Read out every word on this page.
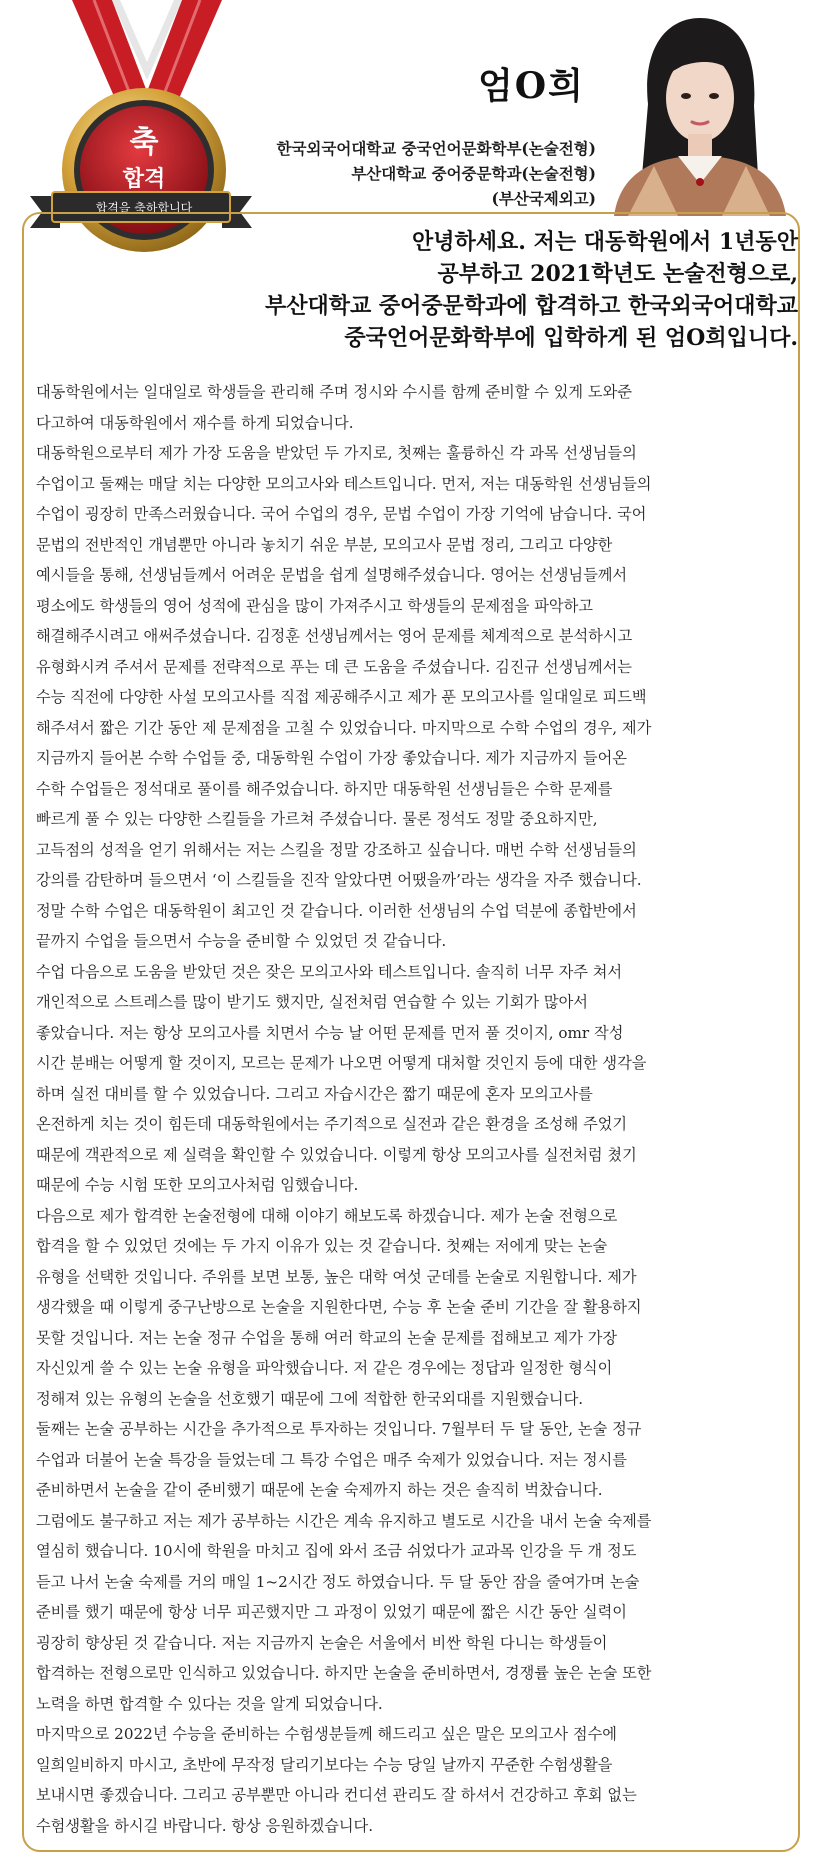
합격을 축하합니다
축
합격
엄O희
한국외국어대학교 중국언어문화학부(논술전형)
부산대학교 중어중문학과(논술전형)
(부산국제외고)
안녕하세요. 저는 대동학원에서 1년동안
공부하고 2021학년도 논술전형으로,
부산대학교 중어중문학과에 합격하고 한국외국어대학교
중국언어문화학부에 입학하게 된 엄O희입니다.
대동학원에서는 일대일로 학생들을 관리해 주며 정시와 수시를 함께 준비할 수 있게 도와준
다고하여 대동학원에서 재수를 하게 되었습니다.
대동학원으로부터 제가 가장 도움을 받았던 두 가지로, 첫째는 훌륭하신 각 과목 선생님들의
수업이고 둘째는 매달 치는 다양한 모의고사와 테스트입니다. 먼저, 저는 대동학원 선생님들의
수업이 굉장히 만족스러웠습니다. 국어 수업의 경우, 문법 수업이 가장 기억에 남습니다. 국어
문법의 전반적인 개념뿐만 아니라 놓치기 쉬운 부분, 모의고사 문법 정리, 그리고 다양한
예시들을 통해, 선생님들께서 어려운 문법을 쉽게 설명해주셨습니다. 영어는 선생님들께서
평소에도 학생들의 영어 성적에 관심을 많이 가져주시고 학생들의 문제점을 파악하고
해결해주시려고 애써주셨습니다. 김정훈 선생님께서는 영어 문제를 체계적으로 분석하시고
유형화시켜 주셔서 문제를 전략적으로 푸는 데 큰 도움을 주셨습니다. 김진규 선생님께서는
수능 직전에 다양한 사설 모의고사를 직접 제공해주시고 제가 푼 모의고사를 일대일로 피드백
해주셔서 짧은 기간 동안 제 문제점을 고칠 수 있었습니다. 마지막으로 수학 수업의 경우, 제가
지금까지 들어본 수학 수업들 중, 대동학원 수업이 가장 좋았습니다. 제가 지금까지 들어온
수학 수업들은 정석대로 풀이를 해주었습니다. 하지만 대동학원 선생님들은 수학 문제를
빠르게 풀 수 있는 다양한 스킬들을 가르쳐 주셨습니다. 물론 정석도 정말 중요하지만,
고득점의 성적을 얻기 위해서는 저는 스킬을 정말 강조하고 싶습니다. 매번 수학 선생님들의
강의를 감탄하며 들으면서 ‘이 스킬들을 진작 알았다면 어땠을까’라는 생각을 자주 했습니다.
정말 수학 수업은 대동학원이 최고인 것 같습니다. 이러한 선생님의 수업 덕분에 종합반에서
끝까지 수업을 들으면서 수능을 준비할 수 있었던 것 같습니다.
수업 다음으로 도움을 받았던 것은 잦은 모의고사와 테스트입니다. 솔직히 너무 자주 쳐서
개인적으로 스트레스를 많이 받기도 했지만, 실전처럼 연습할 수 있는 기회가 많아서
좋았습니다. 저는 항상 모의고사를 치면서 수능 날 어떤 문제를 먼저 풀 것이지, omr 작성
시간 분배는 어떻게 할 것이지, 모르는 문제가 나오면 어떻게 대처할 것인지 등에 대한 생각을
하며 실전 대비를 할 수 있었습니다. 그리고 자습시간은 짧기 때문에 혼자 모의고사를
온전하게 치는 것이 힘든데 대동학원에서는 주기적으로 실전과 같은 환경을 조성해 주었기
때문에 객관적으로 제 실력을 확인할 수 있었습니다. 이렇게 항상 모의고사를 실전처럼 쳤기
때문에 수능 시험 또한 모의고사처럼 임했습니다.
다음으로 제가 합격한 논술전형에 대해 이야기 해보도록 하겠습니다. 제가 논술 전형으로
합격을 할 수 있었던 것에는 두 가지 이유가 있는 것 같습니다. 첫째는 저에게 맞는 논술
유형을 선택한 것입니다. 주위를 보면 보통, 높은 대학 여섯 군데를 논술로 지원합니다. 제가
생각했을 때 이렇게 중구난방으로 논술을 지원한다면, 수능 후 논술 준비 기간을 잘 활용하지
못할 것입니다. 저는 논술 정규 수업을 통해 여러 학교의 논술 문제를 접해보고 제가 가장
자신있게 쓸 수 있는 논술 유형을 파악했습니다. 저 같은 경우에는 정답과 일정한 형식이
정해져 있는 유형의 논술을 선호했기 때문에 그에 적합한 한국외대를 지원했습니다.
둘째는 논술 공부하는 시간을 추가적으로 투자하는 것입니다. 7월부터 두 달 동안, 논술 정규
수업과 더불어 논술 특강을 들었는데 그 특강 수업은 매주 숙제가 있었습니다. 저는 정시를
준비하면서 논술을 같이 준비했기 때문에 논술 숙제까지 하는 것은 솔직히 벅찼습니다.
그럼에도 불구하고 저는 제가 공부하는 시간은 계속 유지하고 별도로 시간을 내서 논술 숙제를
열심히 했습니다. 10시에 학원을 마치고 집에 와서 조금 쉬었다가 교과목 인강을 두 개 정도
듣고 나서 논술 숙제를 거의 매일 1~2시간 정도 하였습니다. 두 달 동안 잠을 줄여가며 논술
준비를 했기 때문에 항상 너무 피곤했지만 그 과정이 있었기 때문에 짧은 시간 동안 실력이
굉장히 향상된 것 같습니다. 저는 지금까지 논술은 서울에서 비싼 학원 다니는 학생들이
합격하는 전형으로만 인식하고 있었습니다. 하지만 논술을 준비하면서, 경쟁률 높은 논술 또한
노력을 하면 합격할 수 있다는 것을 알게 되었습니다.
마지막으로 2022년 수능을 준비하는 수험생분들께 해드리고 싶은 말은 모의고사 점수에
일희일비하지 마시고, 초반에 무작정 달리기보다는 수능 당일 날까지 꾸준한 수험생활을
보내시면 좋겠습니다. 그리고 공부뿐만 아니라 컨디션 관리도 잘 하셔서 건강하고 후회 없는
수험생활을 하시길 바랍니다. 항상 응원하겠습니다.
